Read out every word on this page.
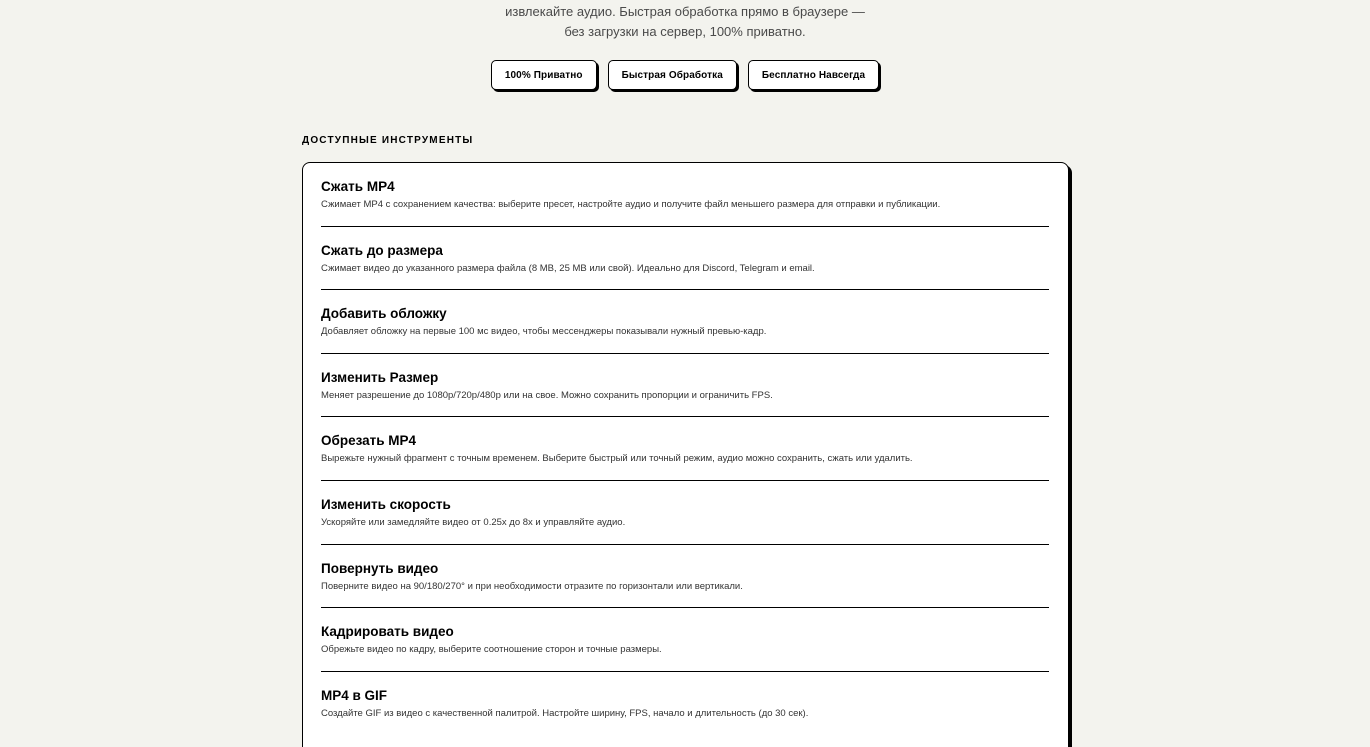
извлекайте аудио. Быстрая обработка прямо в браузере —
без загрузки на сервер, 100% приватно.
100% Приватно	Быстрая Обработка	Бесплатно Навсегда
ДОСТУПНЫЕ ИНСТРУМЕНТЫ
Сжать MP4
Сжимает MP4 с сохранением качества: выберите пресет, настройте аудио и получите файл меньшего размера для отправки и публикации.
Сжать до размера
Сжимает видео до указанного размера файла (8 MB, 25 MB или свой). Идеально для Discord, Telegram и email.
Добавить обложку
Добавляет обложку на первые 100 мс видео, чтобы мессенджеры показывали нужный превью-кадр.
Изменить Размер
Меняет разрешение до 1080p/720p/480p или на свое. Можно сохранить пропорции и ограничить FPS.
Обрезать MP4
Вырежьте нужный фрагмент с точным временем. Выберите быстрый или точный режим, аудио можно сохранить, сжать или удалить.
Изменить скорость
Ускоряйте или замедляйте видео от 0.25x до 8x и управляйте аудио.
Повернуть видео
Поверните видео на 90/180/270° и при необходимости отразите по горизонтали или вертикали.
Кадрировать видео
Обрежьте видео по кадру, выберите соотношение сторон и точные размеры.
MP4 в GIF
Создайте GIF из видео с качественной палитрой. Настройте ширину, FPS, начало и длительность (до 30 сек).
